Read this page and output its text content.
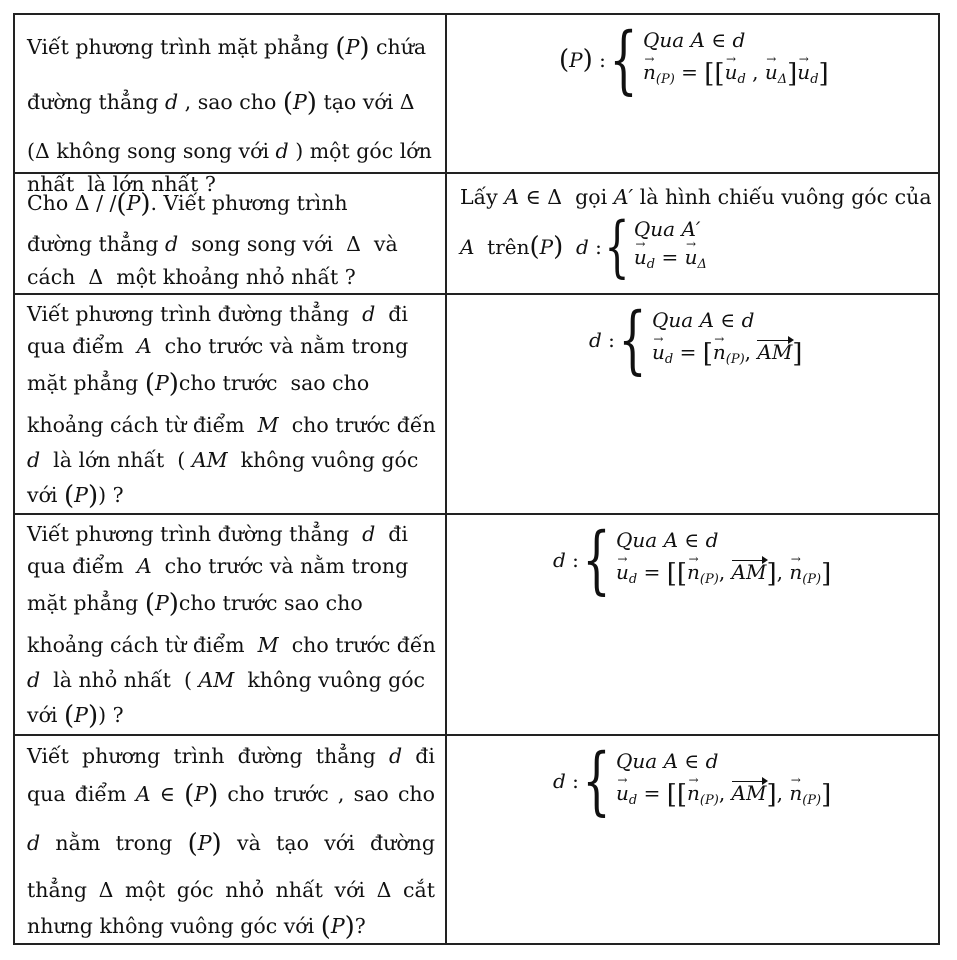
Viết phương trình mặt phẳng (P) chứa
đường thẳng d , sao cho (P) tạo với Δ
(Δ không song song với d ) một góc lớn
nhất  là lớn nhất ?
( P ) : { Qua A ∈ d
→ $n_{(P)}$ = [[→ $u_d$ , → $u_\Delta]\to u_d$]
Cho Δ / /(P). Viết phương trình
đường thẳng d  song song với  Δ  và
cách  Δ  một khoảng nhỏ nhất ?
Lấy A ∈ Δ  gọi A′ là hình chiếu vuông góc của
A trên ( P )
d : { Qua A′
→ $u_d$ = → $u_\Delta$
Viết phương trình đường thẳng  d  đi
qua điểm  A  cho trước và nằm trong
mặt phẳng (P)cho trước  sao cho
khoảng cách từ điểm  M  cho trước đến
d  là lớn nhất  ( AM  không vuông góc
với (P)) ?
d : { Qua A ∈ d
→ $u_d$ = [→ $n_{(P)}$, AM]
Viết phương trình đường thẳng  d  đi
qua điểm  A  cho trước và nằm trong
mặt phẳng (P)cho trước sao cho
khoảng cách từ điểm  M  cho trước đến
d  là nhỏ nhất  ( AM  không vuông góc
với (P)) ?
d : { Qua A ∈ d
→ $u_d$ = [[→ $n_{(P)}$, AM], → $n_{(P)}$]
Viết phương trình đường thẳng d đi
qua điểm A ∈ (P) cho trước , sao cho
d nằm trong (P) và tạo với đường
thẳng Δ một góc nhỏ nhất với Δ cắt
nhưng không vuông góc với (P)?
d : { Qua A ∈ d
→ $u_d$ = [[→ $n_{(P)}$, AM], → $n_{(P)}$]
